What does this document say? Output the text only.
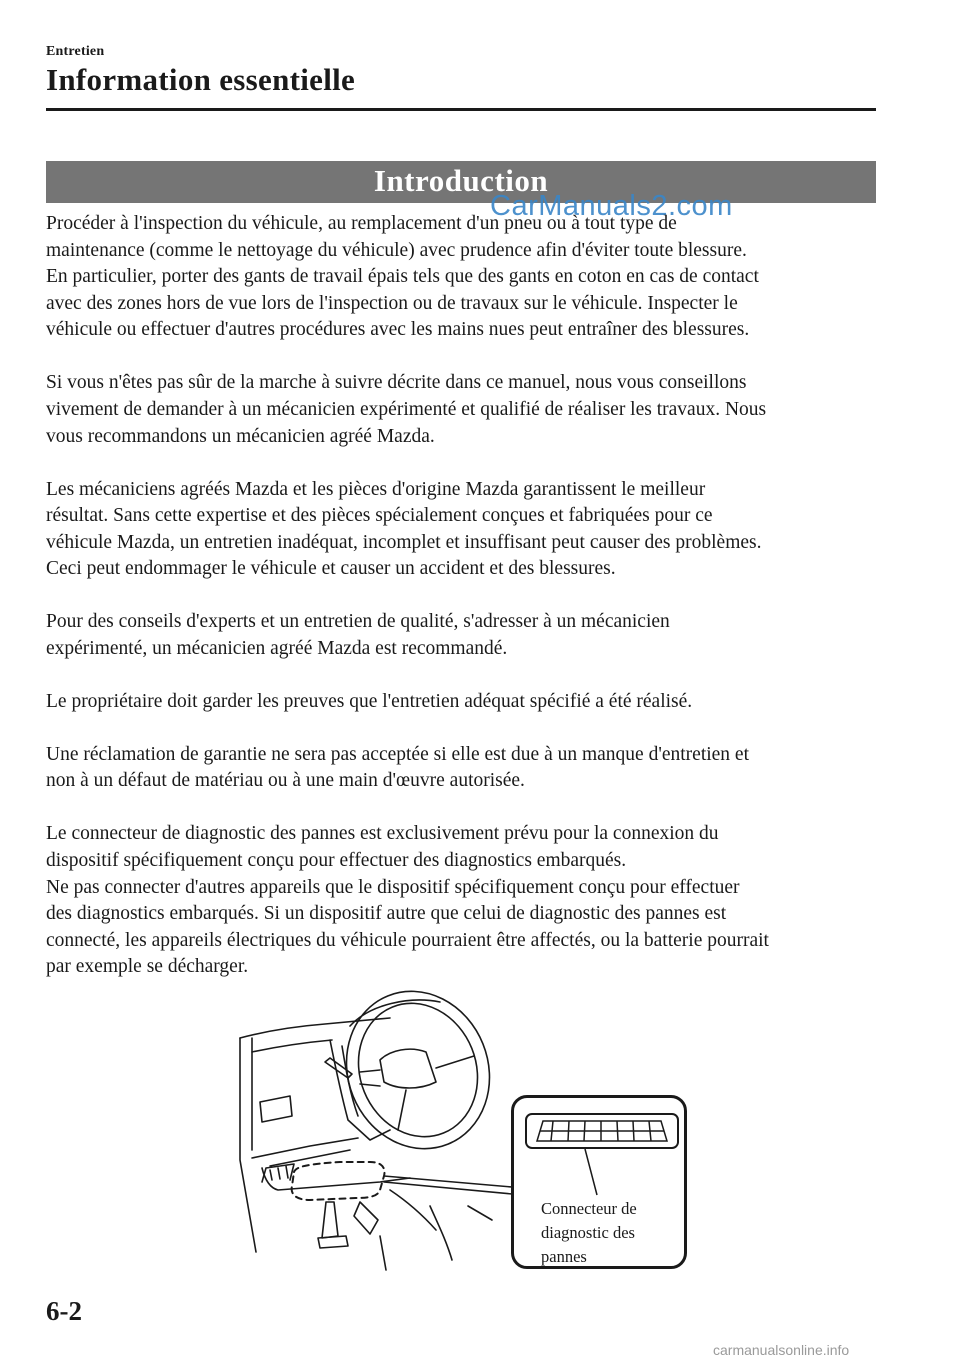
Entretien
Information essentielle
Introduction
CarManuals2.com

Procéder à l'inspection du véhicule, au remplacement d'un pneu ou à tout type de
maintenance (comme le nettoyage du véhicule) avec prudence afin d'éviter toute blessure.
En particulier, porter des gants de travail épais tels que des gants en coton en cas de contact
avec des zones hors de vue lors de l'inspection ou de travaux sur le véhicule. Inspecter le
véhicule ou effectuer d'autres procédures avec les mains nues peut entraîner des blessures.

Si vous n'êtes pas sûr de la marche à suivre décrite dans ce manuel, nous vous conseillons
vivement de demander à un mécanicien expérimenté et qualifié de réaliser les travaux. Nous
vous recommandons un mécanicien agréé Mazda.

Les mécaniciens agréés Mazda et les pièces d'origine Mazda garantissent le meilleur
résultat. Sans cette expertise et des pièces spécialement conçues et fabriquées pour ce
véhicule Mazda, un entretien inadéquat, incomplet et insuffisant peut causer des problèmes.
Ceci peut endommager le véhicule et causer un accident et des blessures.

Pour des conseils d'experts et un entretien de qualité, s'adresser à un mécanicien
expérimenté, un mécanicien agréé Mazda est recommandé.

Le propriétaire doit garder les preuves que l'entretien adéquat spécifié a été réalisé.

Une réclamation de garantie ne sera pas acceptée si elle est due à un manque d'entretien et
non à un défaut de matériau ou à une main d'œuvre autorisée.

Le connecteur de diagnostic des pannes est exclusivement prévu pour la connexion du
dispositif spécifiquement conçu pour effectuer des diagnostics embarqués.
Ne pas connecter d'autres appareils que le dispositif spécifiquement conçu pour effectuer
des diagnostics embarqués. Si un dispositif autre que celui de diagnostic des pannes est
connecté, les appareils électriques du véhicule pourraient être affectés, ou la batterie pourrait
par exemple se décharger.

Connecteur de
diagnostic des
pannes
6-2
carmanualsonline.info
